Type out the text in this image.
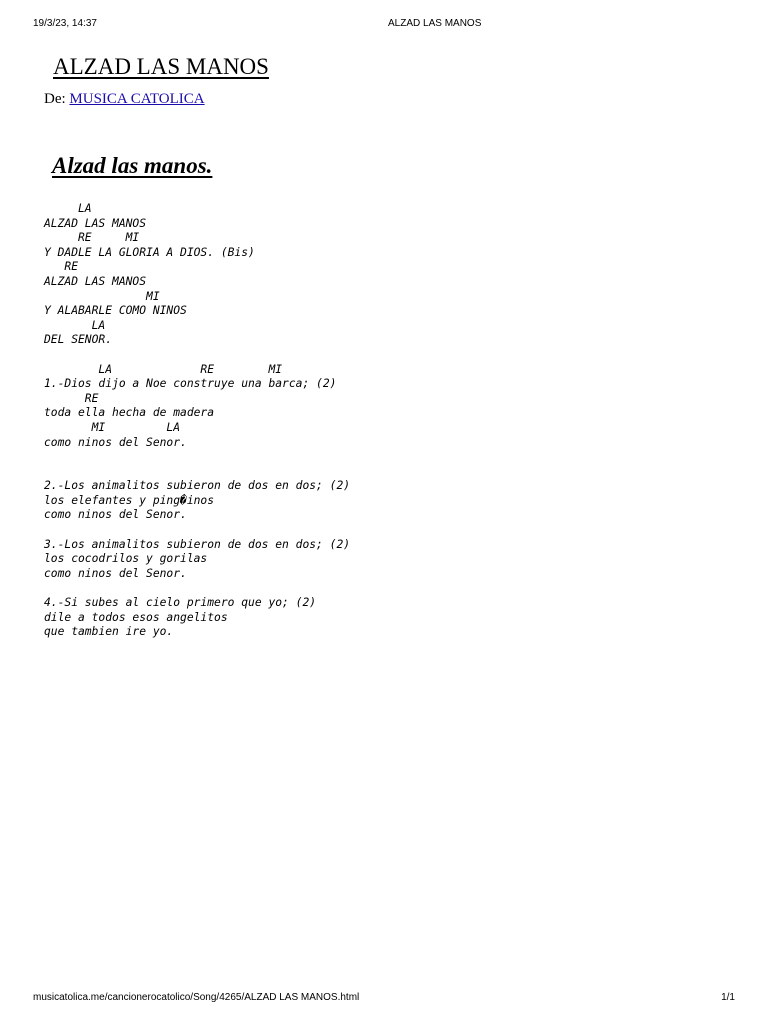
19/3/23, 14:37	ALZAD LAS MANOS
ALZAD LAS MANOS
De: MUSICA CATOLICA
Alzad las manos.
LA
ALZAD LAS MANOS
RE     MI
Y DADLE LA GLORIA A DIOS. (Bis)
RE
ALZAD LAS MANOS
MI
Y ALABARLE COMO NINOS
LA
DEL SENOR.

LA             RE        MI
1.-Dios dijo a Noe construye una barca; (2)
RE
toda ella hecha de madera
MI         LA
como ninos del Senor.

2.-Los animalitos subieron de dos en dos; (2)
los elefantes y ping�inos
como ninos del Senor.

3.-Los animalitos subieron de dos en dos; (2)
los cocodrilos y gorilas
como ninos del Senor.

4.-Si subes al cielo primero que yo; (2)
dile a todos esos angelitos
que tambien ire yo.
musicatolica.me/cancionerocatolico/Song/4265/ALZAD LAS MANOS.html	1/1
